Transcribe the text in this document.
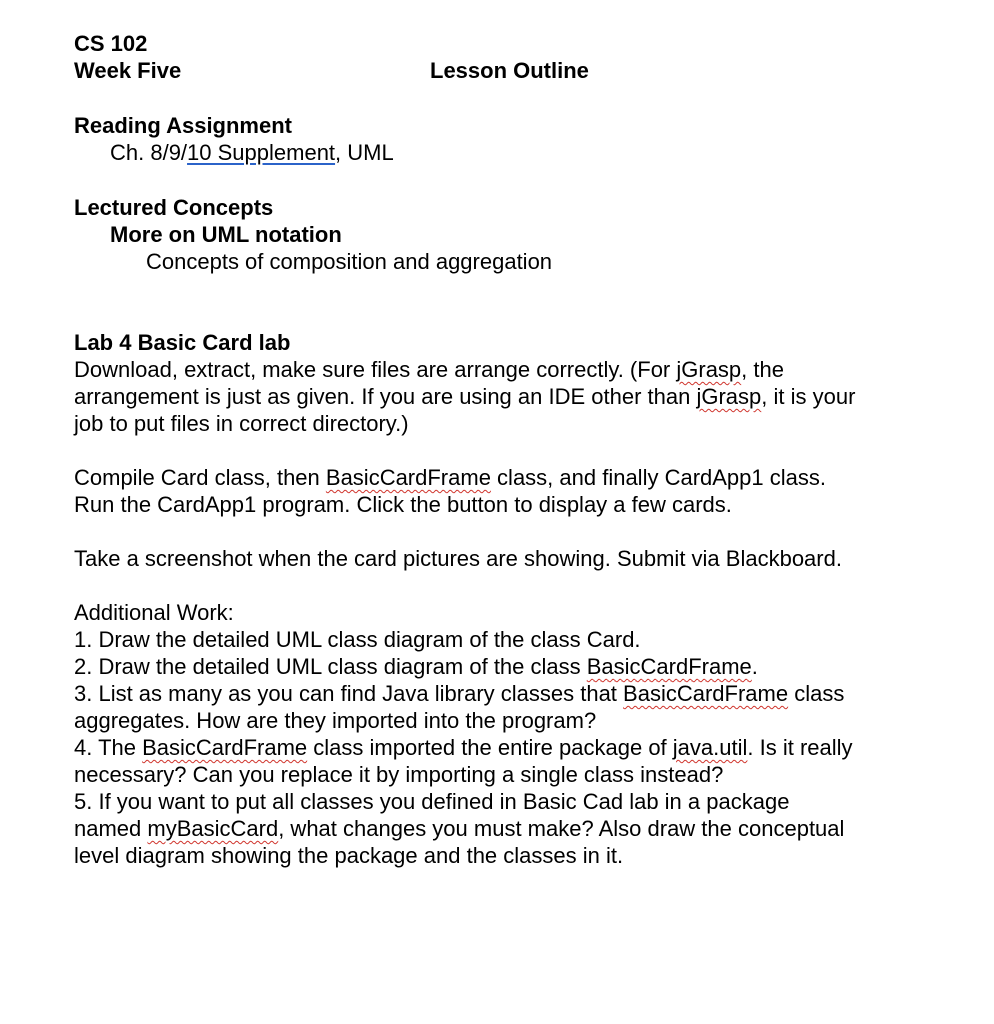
CS 102
Week Five	Lesson Outline
Reading Assignment
Ch. 8/9/10 Supplement, UML
Lectured Concepts
More on UML notation
Concepts of composition and aggregation
Lab 4 Basic Card lab
Download, extract, make sure files are arrange correctly. (For jGrasp, the
arrangement is just as given. If you are using an IDE other than jGrasp, it is your
job to put files in correct directory.)
Compile Card class, then BasicCardFrame class, and finally CardApp1 class.
Run the CardApp1 program. Click the button to display a few cards.
Take a screenshot when the card pictures are showing. Submit via Blackboard.
Additional Work:
1. Draw the detailed UML class diagram of the class Card.
2. Draw the detailed UML class diagram of the class BasicCardFrame.
3. List as many as you can find Java library classes that BasicCardFrame class
aggregates. How are they imported into the program?
4. The BasicCardFrame class imported the entire package of java.util. Is it really
necessary? Can you replace it by importing a single class instead?
5. If you want to put all classes you defined in Basic Cad lab in a package
named myBasicCard, what changes you must make? Also draw the conceptual
level diagram showing the package and the classes in it.
